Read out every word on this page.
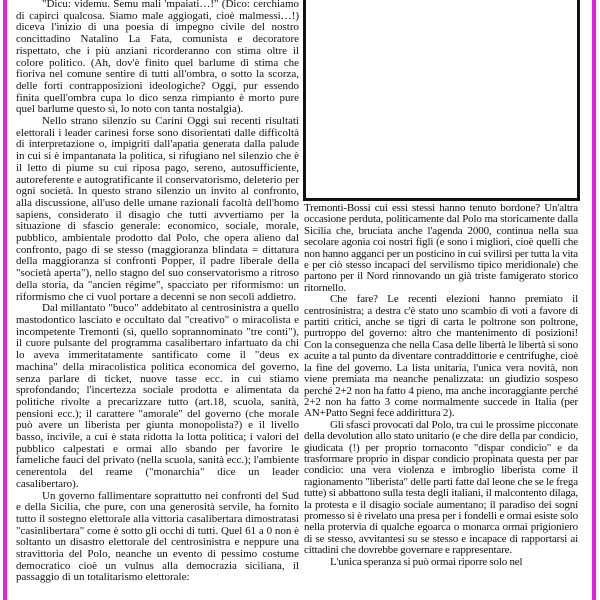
"Dicu: videmu. Semu mali 'mpaiati…!" (Dico: cerchiamo di capirci qualcosa. Siamo male aggiogati, cioè malmessi…!) diceva l'inizio di una poesia di impegno civile del nostro concittadino Natalino La Fata, comunista e decoratore rispettato, che i più anziani ricorderanno con stima oltre il colore politico. (Ah, dov'è finito quel barlume di stima che fioriva nel comune sentire di tutti all'ombra, o sotto la scorza, delle forti contrapposizioni ideologiche? Oggi, pur essendo finita quell'ombra cupa lo dico senza rimpianto è morto pure quel barlume questo sì, lo noto con tanta nostalgia).

Nello strano silenzio su Carini Oggi sui recenti risultati elettorali i leader carinesi forse sono disorientati dalle difficoltà di interpretazione o, impigriti dall'apatia generata dalla palude in cui si è impantanata la politica, si rifugiano nel silenzio che è il letto di piume su cui riposa pago, sereno, autosufficiente, autoreferente e autogratificante il conservatorismo, deleterio per ogni società. In questo strano silenzio un invito al confronto, alla discussione, all'uso delle umane razionali facoltà dell'homo sapiens, considerato il disagio che tutti avvertiamo per la situazione di sfascio generale: economico, sociale, morale, pubblico, ambientale prodotto dal Polo, che opera alieno dal confronto, pago di se stesso (maggioranza blindata = dittatura della maggioranza si confronti Popper, il padre liberale della "società aperta"), nello stagno del suo conservatorismo a ritroso della storia, da "ancien régime", spacciato per riformismo: un riformismo che ci vuol portare a decenni se non secoli addietro.

Dal millantato "buco" addebitato al centrosinistra a quello mastodontico lasciato e occultato dal "creativo" o miracolista e incompetente Tremonti (sì, quello soprannominato "tre conti"), il cuore pulsante del programma casalibertaro infartuato da chi lo aveva immeritatamente santificato come il "deus ex machina" della miracolistica politica economica del governo, senza parlare di ticket, nuove tasse ecc. in cui stiamo sprofondando; l'incertezza sociale prodotta e alimentata da politiche rivolte a precarizzare tutto (art.18, scuola, sanità, pensioni ecc.); il carattere "amorale" del governo (che morale può avere un liberista per giunta monopolista?) e il livello basso, incivile, a cui è stata ridotta la lotta politica; i valori del pubblico calpestati e ormai allo sbando per favorire le fameliche fauci del privato (nella scuola, sanità ecc.); l'ambiente cenerentola del reame ("monarchia" dice un leader casalibertaro).

Un governo fallimentare soprattutto nei confronti del Sud e della Sicilia, che pure, con una generosità servile, ha fornito tutto il sostegno elettorale alla vittoria casalibertara dimostratasi "casinlibertara" come è sotto gli occhi di tutti. Quel 61 a 0 non è soltanto un disastro elettorale del centrosinistra e neppure una stravittoria del Polo, neanche un evento di pessimo costume democratico cioè un vulnus alla democrazia siciliana, il passaggio di un totalitarismo elettorale:

Tremonti-Bossi cui essi stessi hanno tenuto bordone? Un'altra occasione perduta, politicamente dal Polo ma storicamente dalla Sicilia che, bruciata anche l'agenda 2000, continua nella sua secolare agonia coi nostri figli (e sono i migliori, cioè quelli che non hanno agganci per un posticino in cui svilirsi per tutta la vita e per ciò stesso incapaci del servilismo tipico meridionale) che partono per il Nord rinnovando un già triste famigerato storico ritornello.

Che fare? Le recenti elezioni hanno premiato il centrosinistra; a destra c'è stato uno scambio di voti a favore di partiti critici, anche se tigri di carta le poltrone son poltrone, purtroppo del governo: altro che mantenimento di posizioni! Con la conseguenza che nella Casa delle libertà le libertà si sono acuite a tal punto da diventare contraddittorie e centrifughe, cioè la fine del governo. La lista unitaria, l'unica vera novità, non viene premiata ma neanche penalizzata: un giudizio sospeso perché 2+2 non ha fatto 4 pieno, ma anche incoraggiante perché 2+2 non ha fatto 3 come normalmente succede in Italia (per AN+Patto Segni fece addirittura 2).

Gli sfasci provocati dal Polo, tra cui le prossime picconate della devolution allo stato unitario (e che dire della par condicio, giudicata (!) per proprio tornaconto "dispar condicio" e da trasformare proprio in dispar condicio propinata questa per par condicio: una vera violenza e imbroglio liberista come il ragionamento "liberista" delle parti fatte dal leone che se le frega tutte) si abbattono sulla testa degli italiani, il malcontento dilaga, la protesta e il disagio sociale aumentano; il paradiso dei sogni promesso si è rivelato una presa per i fondelli e ormai esiste solo nella protervia di qualche egoarca o monarca ormai prigioniero di se stesso, avvitantesi su se stesso e incapace di rapportarsi ai cittadini che dovrebbe governare e rappresentare.

L'unica speranza si può ormai riporre solo nel
